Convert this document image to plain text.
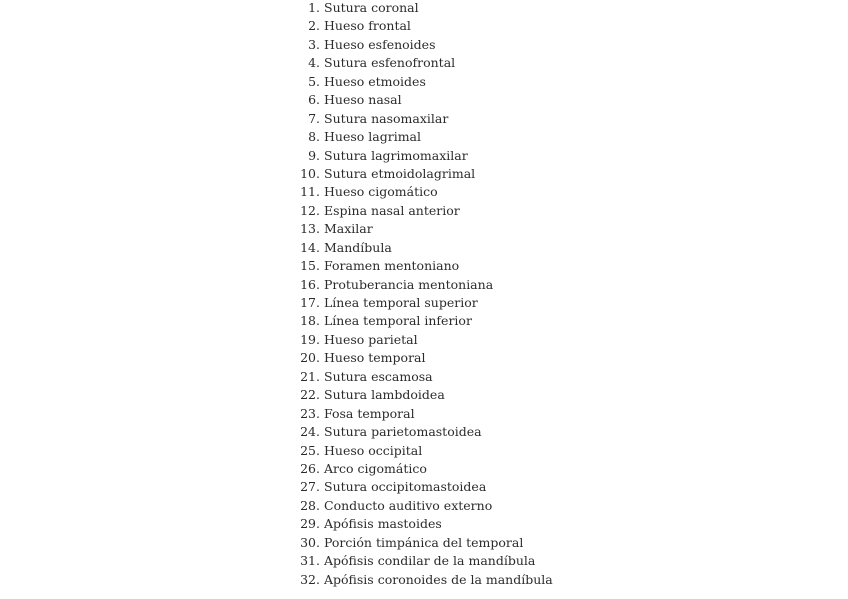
1 . Sutura coronal
2 . Hueso frontal
3 . Hueso esfenoides
4 . Sutura esfenofrontal
5 . Hueso etmoides
6 . Hueso nasal
7 . Sutura nasomaxilar
8 . Hueso lagrimal
9 . Sutura lagrimomaxilar
10 . Sutura etmoidolagrimal
11 . Hueso cigomático
12 . Espina nasal anterior
13 . Maxilar
14 . Mandíbula
15 . Foramen mentoniano
16 . Protuberancia mentoniana
17 . Línea temporal superior
18 . Línea temporal inferior
19 . Hueso parietal
20 . Hueso temporal
21 . Sutura escamosa
22 . Sutura lambdoidea
23 . Fosa temporal
24 . Sutura parietomastoidea
25 . Hueso occipital
26 . Arco cigomático
27 . Sutura occipitomastoidea
28 . Conducto auditivo externo
29 . Apófisis mastoides
30 . Porción timpánica del temporal
31 . Apófisis condilar de la mandíbula
32 . Apófisis coronoides de la mandíbula
